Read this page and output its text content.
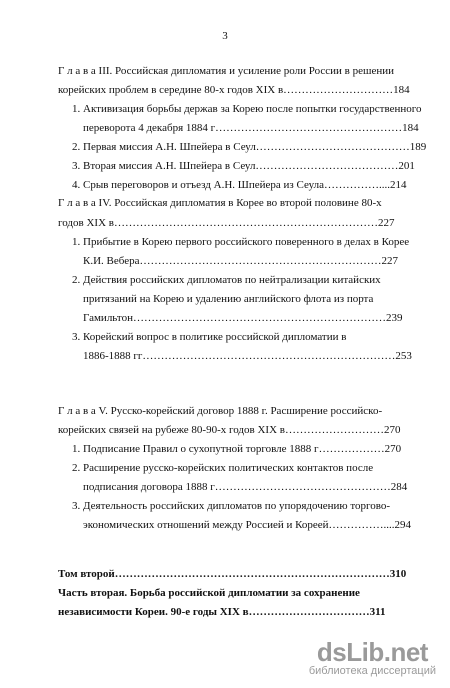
3
Г л а в а III. Российская дипломатия и усиление роли России в решении
корейских проблем в середине 80-х годов XIX в…………………………184
1. Активизация борьбы держав за Корею после попытки государственного
переворота 4 декабря 1884 г……………………………………………184
2. Первая миссия А.Н. Шпейера в Сеул……………………………………189
3. Вторая миссия А.Н. Шпейера в Сеул…………………………………201
4. Срыв переговоров и отъезд А.Н. Шпейера из Сеула……………....214
Г л а в а IV. Российская дипломатия в Корее во второй половине 80-х
годов XIX в………………………………………………………………227
1. Прибытие в Корею первого российского поверенного в делах в Корее
К.И. Вебера…………………………………………………………227
2. Действия российских дипломатов по нейтрализации китайских
притязаний на Корею и удалению английского флота из порта
Гамильтон……………………………………………………………239
3. Корейский вопрос в политике российской дипломатии в
1886-1888 гг……………………………………………………………253
Г л а в а V. Русско-корейский договор 1888 г. Расширение российско-
корейских связей на рубеже 80-90-х годов XIX в………………………270
1. Подписание Правил о сухопутной торговле 1888 г………………270
2. Расширение русско-корейских политических контактов после
подписания договора 1888 г…………………………………………284
3. Деятельность российских дипломатов по упорядочению торгово-
экономических отношений между Россией и Кореей……………....294
Том второй…………………………………………………………………310
Часть вторая. Борьба российской дипломатии за сохранение
независимости Кореи. 90-е годы XIX в……………………………311
dsLib.net
библиотека диссертаций
